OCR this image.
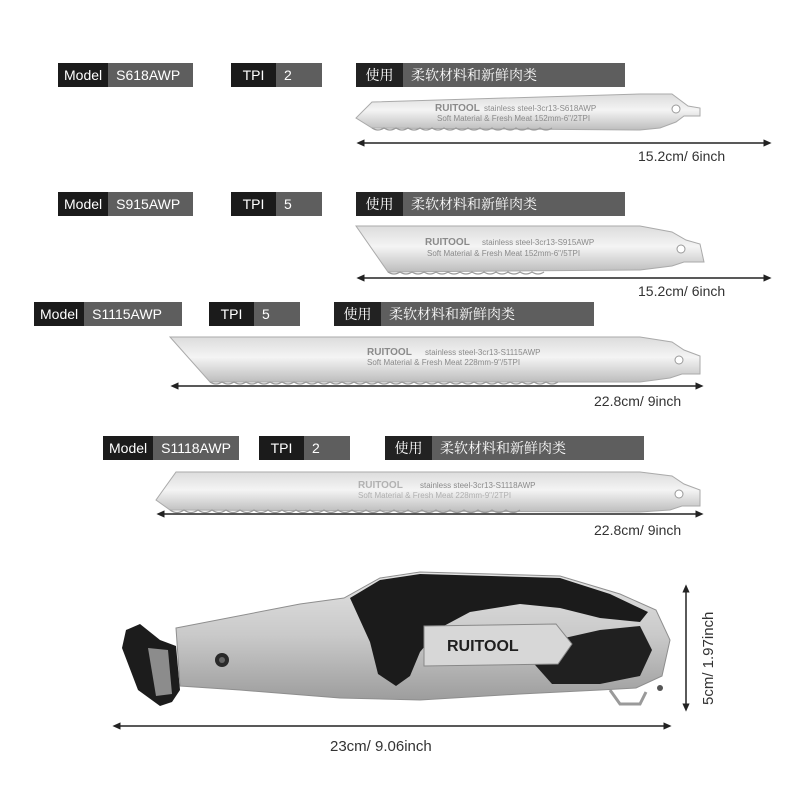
Model	S618AWP	TPI	2	使用	柔软材料和新鲜肉类
15.2cm/ 6inch
Model	S915AWP	TPI	5	使用	柔软材料和新鲜肉类
15.2cm/ 6inch
Model	S1115AWP	TPI	5	使用	柔软材料和新鲜肉类
22.8cm/ 9inch
Model	S1118AWP	TPI	2	使用	柔软材料和新鲜肉类
22.8cm/ 9inch
23cm/ 9.06inch
5cm/ 1.97inch
RUITOOL stainless steel-3cr13-S618AWP
Soft Material & Fresh Meat 152mm-6"/2TPI
RUITOOL stainless steel-3cr13-S915AWP
Soft Material & Fresh Meat 152mm-6"/5TPI
RUITOOL stainless steel-3cr13-S1115AWP
Soft Material & Fresh Meat 228mm-9"/5TPI
RUITOOL stainless steel-3cr13-S1118AWP
Soft Material & Fresh Meat 228mm-9"/2TPI
RUITOOL
